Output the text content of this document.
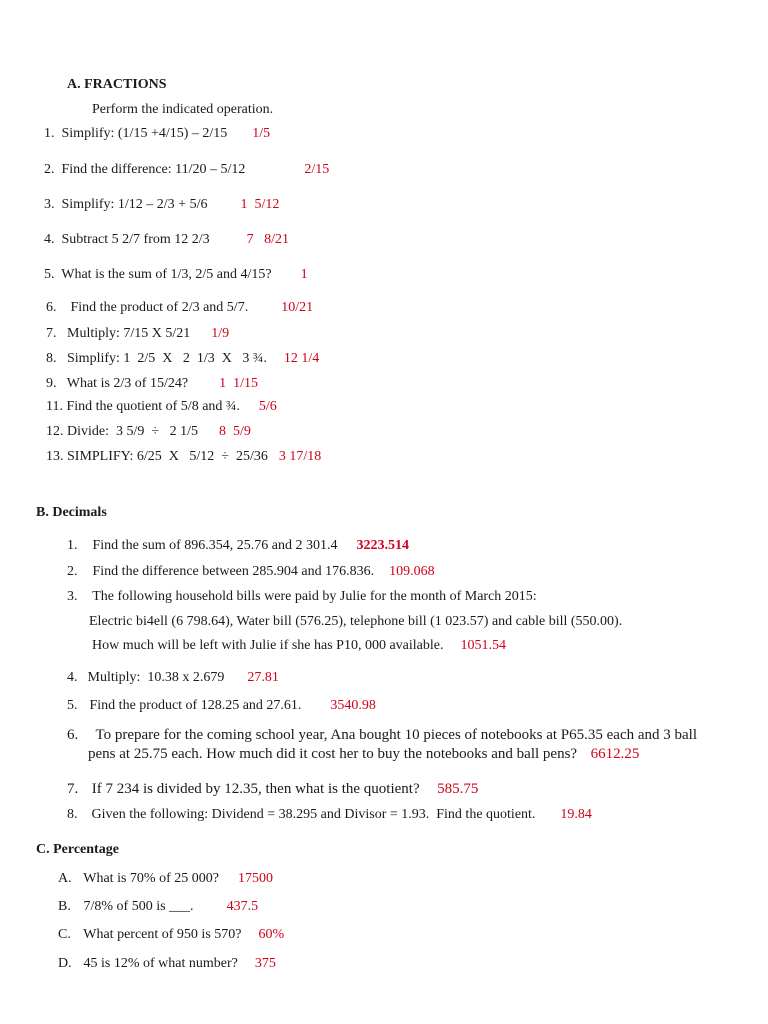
A. FRACTIONS
Perform the indicated operation.
1. Simplify: (1/15 +4/15) – 2/15 1/5
2. Find the difference: 11/20 – 5/12	2/15
3. Simplify: 1/12 – 2/3 + 5/6 1  5/12
4. Subtract 5 2/7 from 12 2/3	7   8/21
5. What is the sum of 1/3, 2/5 and 4/15? 1
6. Find the product of 2/3 and 5/7. 10/21
7. Multiply: 7/15 X 5/21 1/9
8. Simplify: 1  2/5  X   2  1/3  X   3 ¾. 12 1/4
9. What is 2/3 of 15/24? 1  1/15
11. Find the quotient of 5/8 and ¾. 5/6
12. Divide:  3 5/9  ÷   2 1/5 8  5/9
13. SIMPLIFY: 6/25  X   5/12  ÷  25/36 3 17/18
B. Decimals
1. Find the sum of 896.354, 25.76 and 2 301.4 3223.514
2. Find the difference between 285.904 and 176.836. 109.068
3. The following household bills were paid by Julie for the month of March 2015:
Electric bi4ell (6 798.64), Water bill (576.25), telephone bill (1 023.57) and cable bill (550.00).
How much will be left with Julie if she has P10, 000 available. 1051.54
4. Multiply:  10.38 x 2.679 27.81
5. Find the product of 128.25 and 27.61. 3540.98
6. To prepare for the coming school year, Ana bought 10 pieces of notebooks at P65.35 each and 3 ball
pens at 25.75 each. How much did it cost her to buy the notebooks and ball pens? 6612.25
7. If 7 234 is divided by 12.35, then what is the quotient? 585.75
8. Given the following: Dividend = 38.295 and Divisor = 1.93.  Find the quotient. 19.84
C. Percentage
A. What is 70% of 25 000? 17500
B. 7/8% of 500 is ___. 437.5
C. What percent of 950 is 570? 60%
D. 45 is 12% of what number? 375
